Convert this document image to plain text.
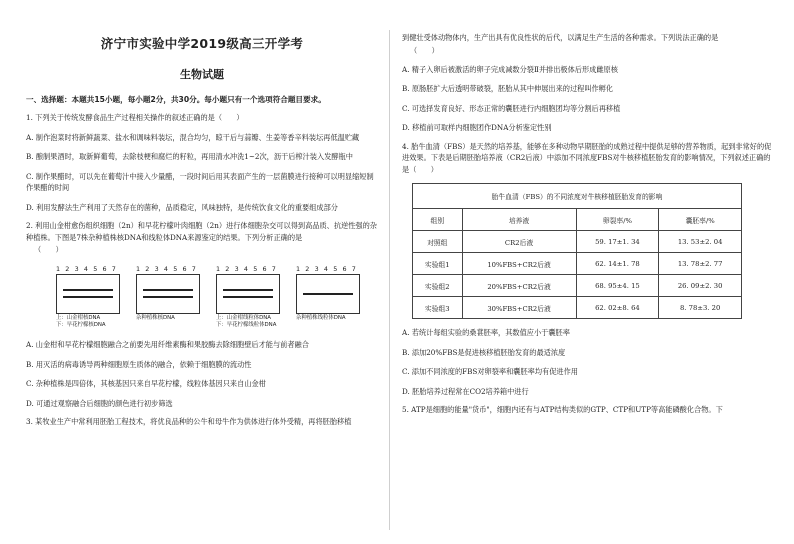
济宁市实验中学2019级高三开学考
生物试题
一、选择题：本题共15小题，每小题2分，共30分。每小题只有一个选项符合题目要求。

1. 下列关于传统发酵食品生产过程相关操作的叙述正确的是（　　）

A. 制作泡菜时将新鲜蔬菜、盐水和调味料装坛，混合均匀，晾干后与蒜瓣、生姜等香辛料装坛再低温贮藏

B. 酿制果酒时，取新鲜葡萄，去除枝梗和腐烂的籽粒，再用清水冲洗1~2次，沥干后榨汁装入发酵瓶中

C. 制作果醋时，可以先在葡萄汁中接入少量醋，一段时间后用其表面产生的一层菌膜进行接种可以明显缩短制作果醋的时间

D. 利用发酵法生产利用了天然存在的菌种，品质稳定，风味独特，是传统饮食文化的重要组成部分

2. 利用山金柑愈伤组织细胞（2n）和早花柠檬叶肉细胞（2n）进行体细胞杂交可以得到高品质、抗逆性强的杂种植株。下图是7株杂种植株核DNA和线粒体DNA来源鉴定的结果。下列分析正确的是

（　　）
1 2 3 4 5 6 7
上：山金柑核DNA
下：早花柠檬核DNA
1 2 3 4 5 6 7
杂种植株核DNA
1 2 3 4 5 6 7
上：山金柑线粒体DNA
下：早花柠檬线粒体DNA
1 2 3 4 5 6 7
杂种植株线粒体DNA

A. 山金柑和早花柠檬细胞融合之前要先用纤维素酶和果胶酶去除细胞壁后才能与前者融合

B. 用灭活的病毒诱导两种细胞原生质体的融合，依赖于细胞膜的流动性

C. 杂种植株是四倍体，其核基因只来自早花柠檬，线粒体基因只来自山金柑

D. 可通过观察融合后细胞的颜色进行初步筛选

3. 某牧业生产中常利用胚胎工程技术，将优良品种的公牛和母牛作为供体进行体外受精，再将胚胎移植

到健壮受体动物体内，生产出具有优良性状的后代，以满足生产生活的各种需求。下列说法正确的是

（　　）

A. 精子入卵后被激活的卵子完成减数分裂Ⅱ并排出极体后形成雌原核

B. 原肠胚扩大后透明带破裂，胚胎从其中伸展出来的过程叫作孵化

C. 可选择发育良好、形态正常的囊胚进行内细胞团均等分割后再移植

D. 移植前可取样内细胞团作DNA分析鉴定性别

4. 胎牛血清（FBS）是天然的培养基，能够在多种动物早期胚胎的成熟过程中提供足够的营养物质，起到非常好的促进效果。下表是后期胚胎培养液（CR2后液）中添加不同浓度FBS对牛核移植胚胎发育的影响情况，下列叙述正确的是（　　）

胎牛血清（FBS）的不同浓度对牛核移植胚胎发育的影响			
组别	培养液	卵裂率/%	囊胚率/%
对照组	CR2后液	59. 17±1. 34	13. 53±2. 04
实验组1	10%FBS+CR2后液	62. 14±1. 78	13. 78±2. 77
实验组2	20%FBS+CR2后液	68. 95±4. 15	26. 09±2. 30
实验组3	30%FBS+CR2后液	62. 02±8. 64	8. 78±3. 20

A. 若统计每组实验的桑葚胚率，其数值应小于囊胚率

B. 添加20%FBS是促进核移植胚胎发育的最适浓度

C. 添加不同浓度的FBS对卵裂率和囊胚率均有促进作用

D. 胚胎培养过程常在CO2培养箱中进行

5. ATP是细胞的能量"货币"，细胞内还有与ATP结构类似的GTP、CTP和UTP等高能磷酸化合物。下
